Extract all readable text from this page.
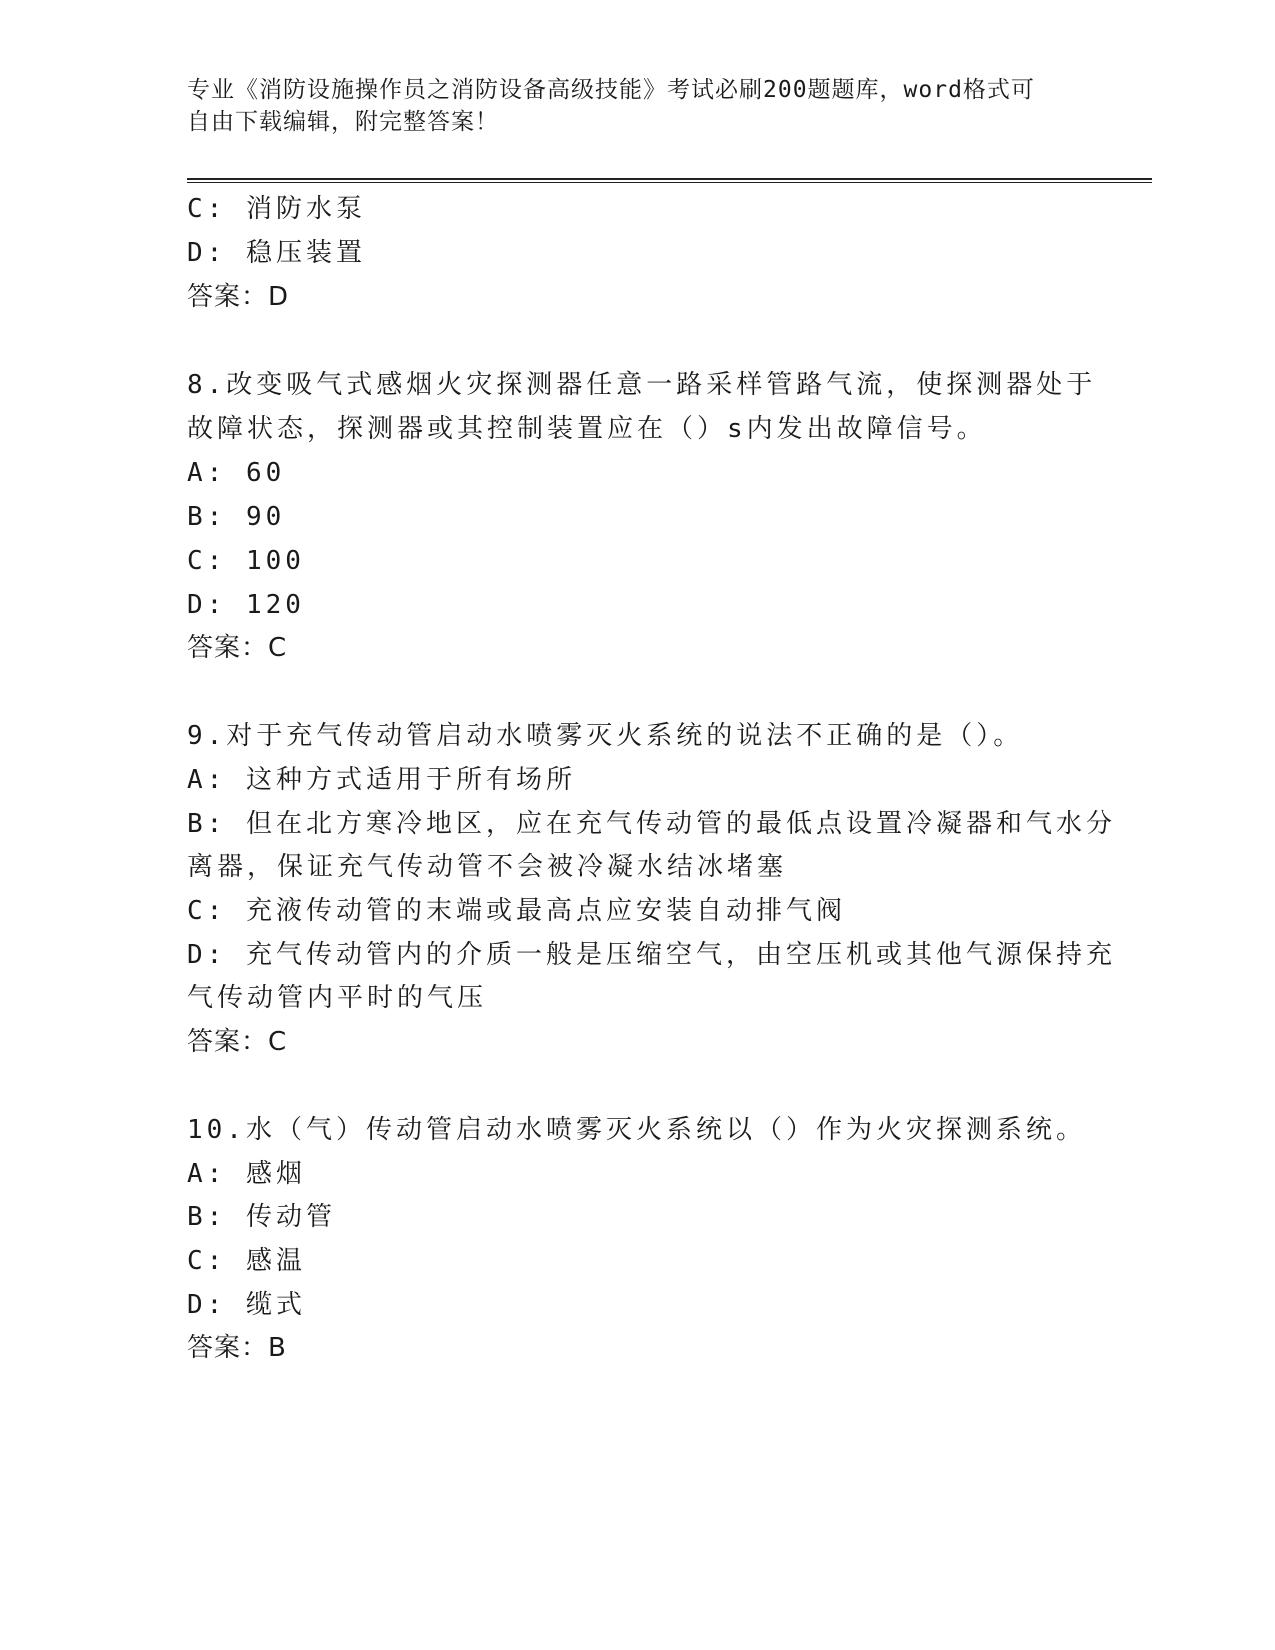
专业《消防设施操作员之消防设备高级技能》考试必刷200题题库，word格式可
自由下载编辑，附完整答案！
C: 消防水泵
D: 稳压装置
答案：D
8.改变吸气式感烟火灾探测器任意一路采样管路气流，使探测器处于
故障状态，探测器或其控制装置应在（）s内发出故障信号。
A: 60
B: 90
C: 100
D: 120
答案：C
9.对于充气传动管启动水喷雾灭火系统的说法不正确的是（）。
A: 这种方式适用于所有场所
B: 但在北方寒冷地区，应在充气传动管的最低点设置冷凝器和气水分
离器，保证充气传动管不会被冷凝水结冰堵塞
C: 充液传动管的末端或最高点应安装自动排气阀
D: 充气传动管内的介质一般是压缩空气，由空压机或其他气源保持充
气传动管内平时的气压
答案：C
10.水（气）传动管启动水喷雾灭火系统以（）作为火灾探测系统。
A: 感烟
B: 传动管
C: 感温
D: 缆式
答案：B
